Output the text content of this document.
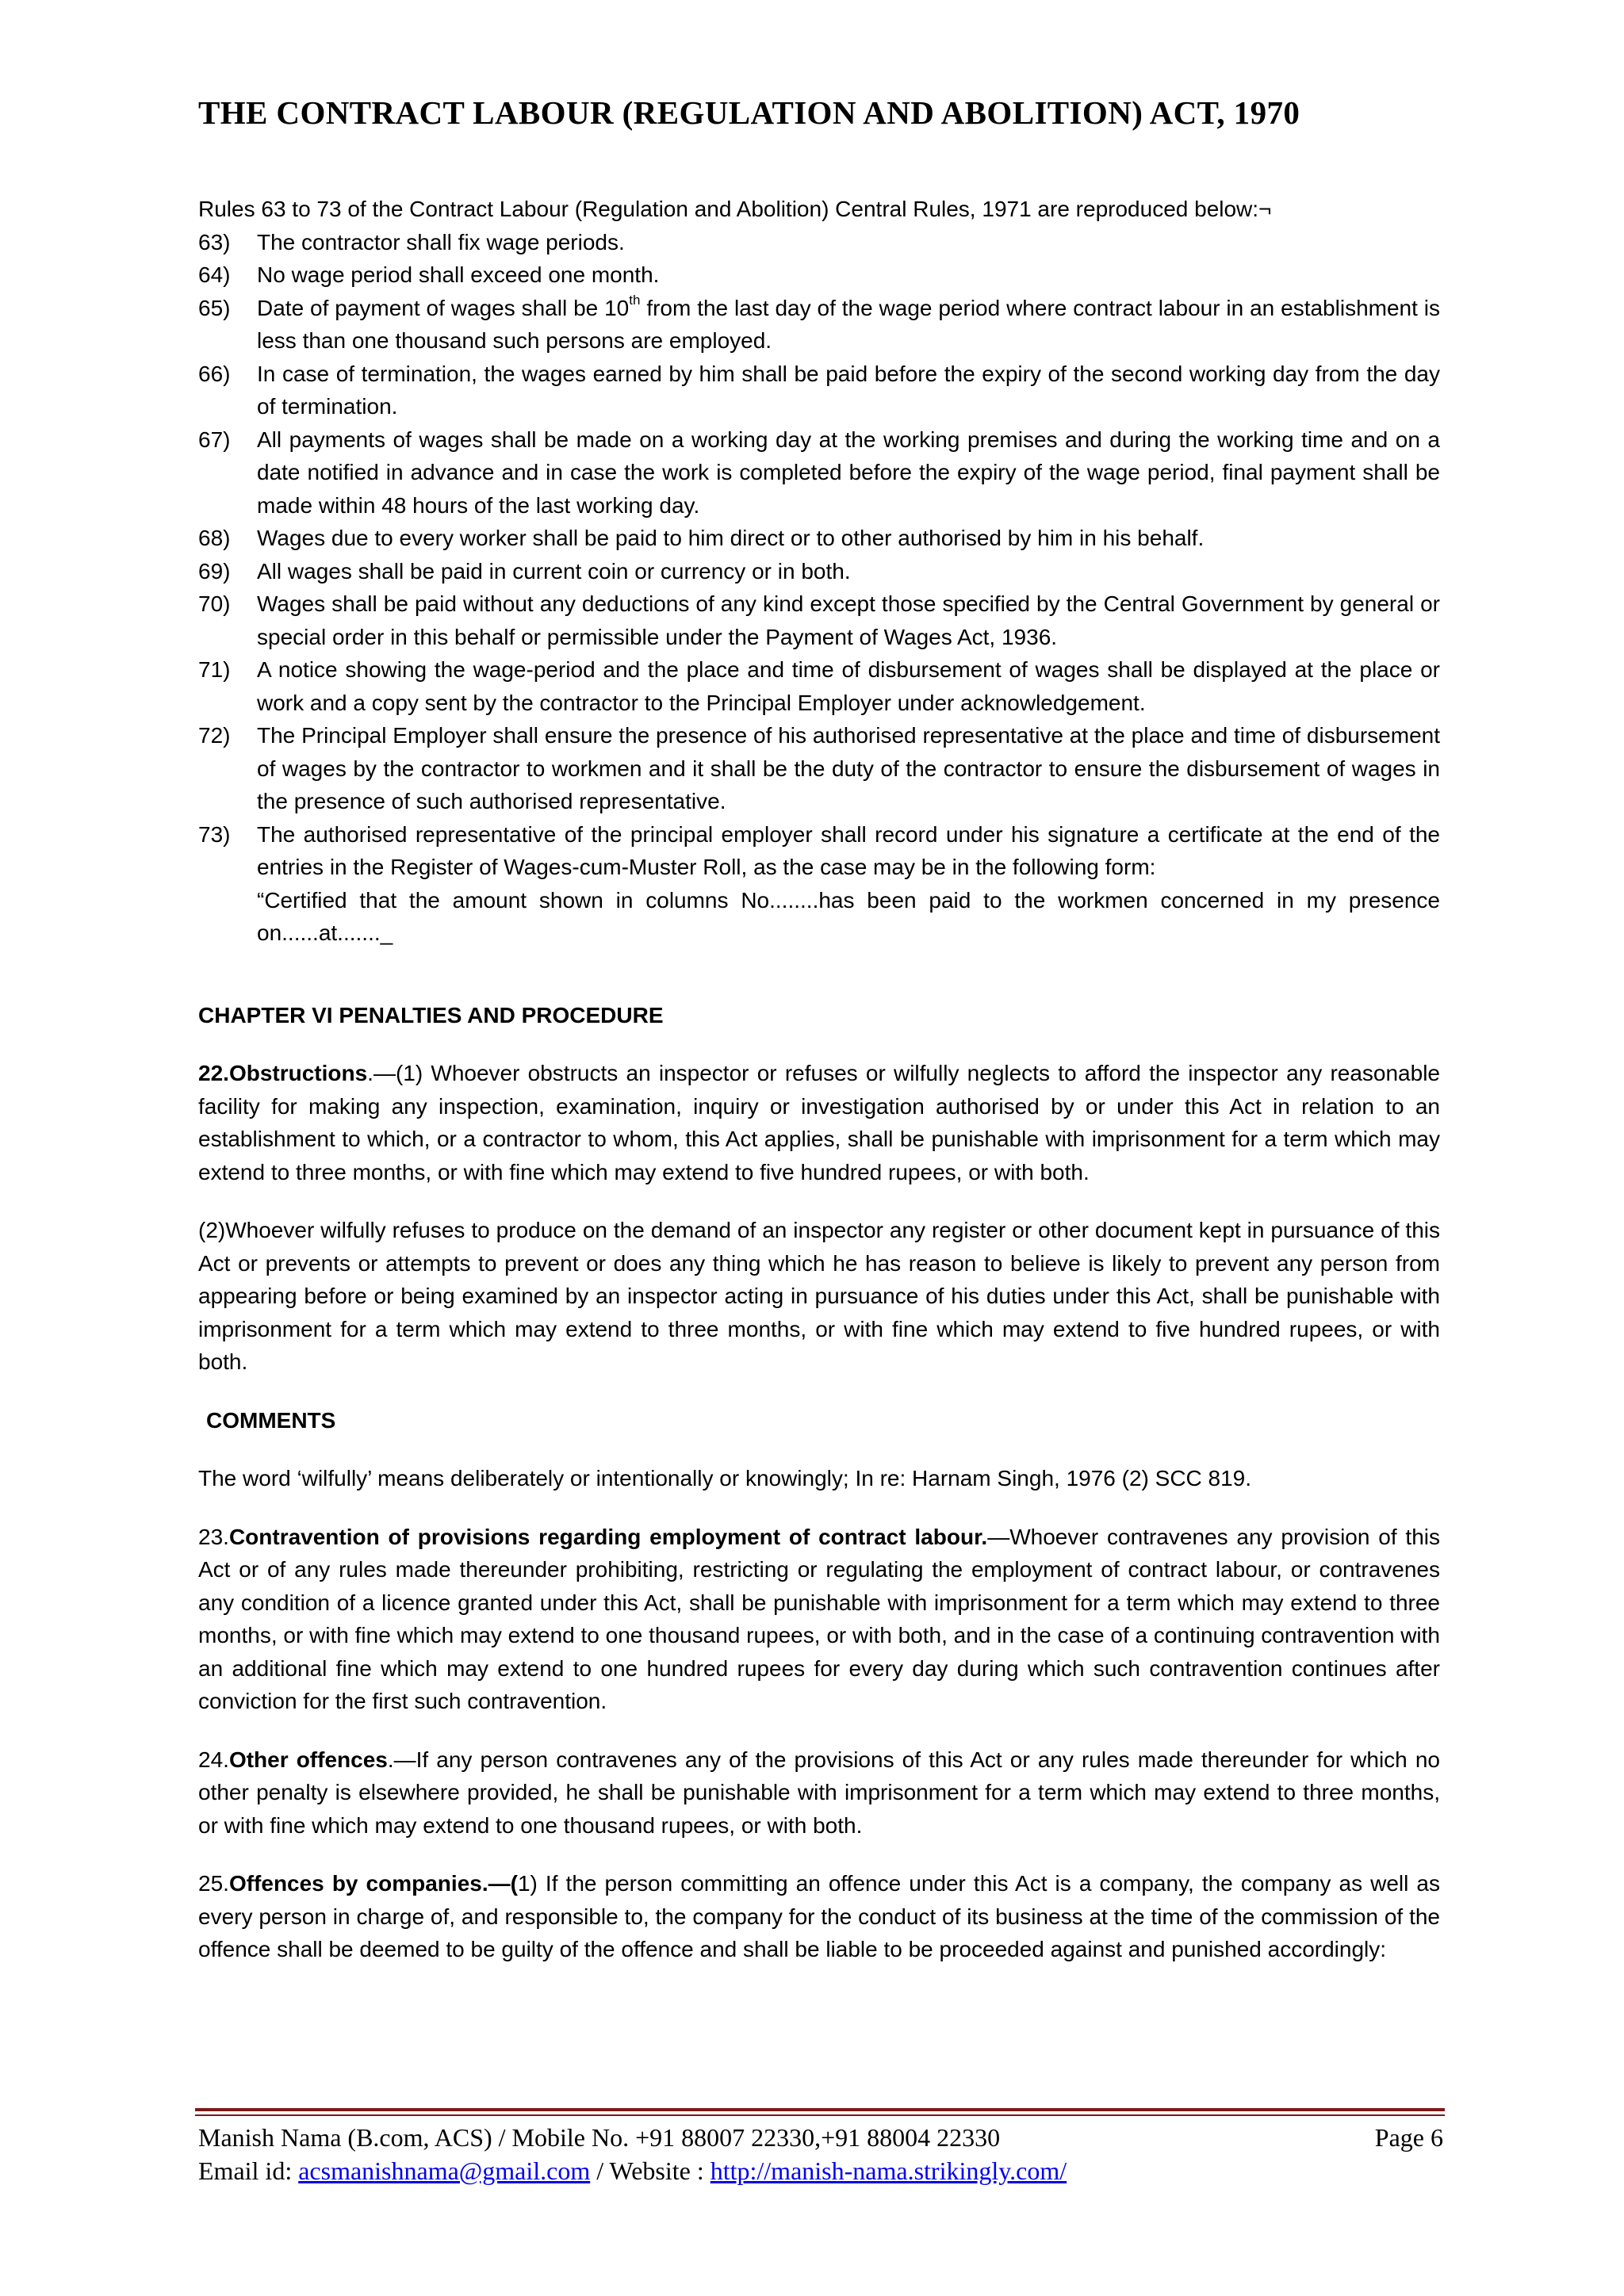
THE CONTRACT LABOUR (REGULATION AND ABOLITION) ACT, 1970

Rules 63 to 73 of the Contract Labour (Regulation and Abolition) Central Rules, 1971 are reproduced below:¬

63) The contractor shall fix wage periods.
64) No wage period shall exceed one month.
65) Date of payment of wages shall be 10th from the last day of the wage period where contract labour in an establishment is less than one thousand such persons are employed.
66) In case of termination, the wages earned by him shall be paid before the expiry of the second working day from the day of termination.
67) All payments of wages shall be made on a working day at the working premises and during the working time and on a date notified in advance and in case the work is completed before the expiry of the wage period, final payment shall be made within 48 hours of the last working day.
68) Wages due to every worker shall be paid to him direct or to other authorised by him in his behalf.
69) All wages shall be paid in current coin or currency or in both.
70) Wages shall be paid without any deductions of any kind except those specified by the Central Government by general or special order in this behalf or permissible under the Payment of Wages Act, 1936.
71) A notice showing the wage-period and the place and time of disbursement of wages shall be displayed at the place or work and a copy sent by the contractor to the Principal Employer under acknowledgement.
72) The Principal Employer shall ensure the presence of his authorised representative at the place and time of disbursement of wages by the contractor to workmen and it shall be the duty of the contractor to ensure the disbursement of wages in the presence of such authorised representative.
73) The authorised representative of the principal employer shall record under his signature a certificate at the end of the entries in the Register of Wages-cum-Muster Roll, as the case may be in the following form:

“Certified that the amount shown in columns No........has been paid to the workmen concerned in my presence on......at......._

CHAPTER VI PENALTIES AND PROCEDURE

22.Obstructions.—(1) Whoever obstructs an inspector or refuses or wilfully neglects to afford the inspector any reasonable facility for making any inspection, examination, inquiry or investigation authorised by or under this Act in relation to an establishment to which, or a contractor to whom, this Act applies, shall be punishable with imprisonment for a term which may extend to three months, or with fine which may extend to five hundred rupees, or with both.

(2)Whoever wilfully refuses to produce on the demand of an inspector any register or other document kept in pursuance of this Act or prevents or attempts to prevent or does any thing which he has reason to believe is likely to prevent any person from appearing before or being examined by an inspector acting in pursuance of his duties under this Act, shall be punishable with imprisonment for a term which may extend to three months, or with fine which may extend to five hundred rupees, or with both.

COMMENTS

The word ‘wilfully’ means deliberately or intentionally or knowingly; In re: Harnam Singh, 1976 (2) SCC 819.

23.Contravention of provisions regarding employment of contract labour.—Whoever contravenes any provision of this Act or of any rules made thereunder prohibiting, restricting or regulating the employment of contract labour, or contravenes any condition of a licence granted under this Act, shall be punishable with imprisonment for a term which may extend to three months, or with fine which may extend to one thousand rupees, or with both, and in the case of a continuing contravention with an additional fine which may extend to one hundred rupees for every day during which such contravention continues after conviction for the first such contravention.

24.Other offences.—If any person contravenes any of the provisions of this Act or any rules made thereunder for which no other penalty is elsewhere provided, he shall be punishable with imprisonment for a term which may extend to three months, or with fine which may extend to one thousand rupees, or with both.

25.Offences by companies.—(1) If the person committing an offence under this Act is a company, the company as well as every person in charge of, and responsible to, the company for the conduct of its business at the time of the commission of the offence shall be deemed to be guilty of the offence and shall be liable to be proceeded against and punished accordingly:

Manish Nama (B.com, ACS) / Mobile No. +91 88007 22330,+91 88004 22330	Page 6
Email id: acsmanishnama@gmail.com / Website : http://manish-nama.strikingly.com/
